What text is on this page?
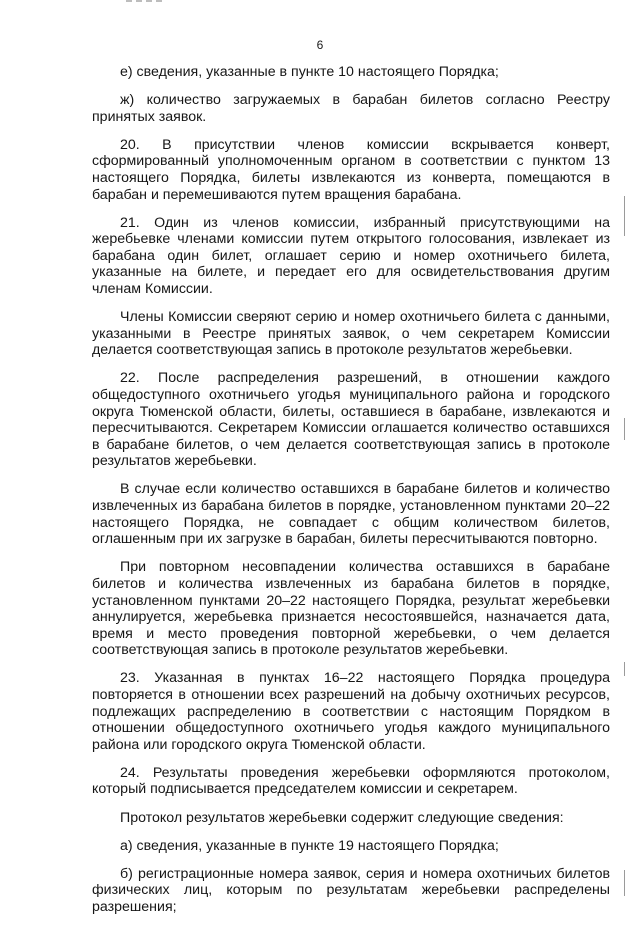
6

е) сведения, указанные в пункте 10 настоящего Порядка;

ж) количество загружаемых в барабан билетов согласно Реестру принятых заявок.

20. В присутствии членов комиссии вскрывается конверт, сформированный уполномоченным органом в соответствии с пунктом 13 настоящего Порядка, билеты извлекаются из конверта, помещаются в барабан и перемешиваются путем вращения барабана.

21. Один из членов комиссии, избранный присутствующими на жеребьевке членами комиссии путем открытого голосования, извлекает из барабана один билет, оглашает серию и номер охотничьего билета, указанные на билете, и передает его для освидетельствования другим членам Комиссии.

Члены Комиссии сверяют серию и номер охотничьего билета с данными, указанными в Реестре принятых заявок, о чем секретарем Комиссии делается соответствующая запись в протоколе результатов жеребьевки.

22. После распределения разрешений, в отношении каждого общедоступного охотничьего угодья муниципального района и городского округа Тюменской области, билеты, оставшиеся в барабане, извлекаются и пересчитываются. Секретарем Комиссии оглашается количество оставшихся в барабане билетов, о чем делается соответствующая запись в протоколе результатов жеребьевки.

В случае если количество оставшихся в барабане билетов и количество извлеченных из барабана билетов в порядке, установленном пунктами 20–22 настоящего Порядка, не совпадает с общим количеством билетов, оглашенным при их загрузке в барабан, билеты пересчитываются повторно.

При повторном несовпадении количества оставшихся в барабане билетов и количества извлеченных из барабана билетов в порядке, установленном пунктами 20–22 настоящего Порядка, результат жеребьевки аннулируется, жеребьевка признается несостоявшейся, назначается дата, время и место проведения повторной жеребьевки, о чем делается соответствующая запись в протоколе результатов жеребьевки.

23. Указанная в пунктах 16–22 настоящего Порядка процедура повторяется в отношении всех разрешений на добычу охотничьих ресурсов, подлежащих распределению в соответствии с настоящим Порядком в отношении общедоступного охотничьего угодья каждого муниципального района или городского округа Тюменской области.

24. Результаты проведения жеребьевки оформляются протоколом, который подписывается председателем комиссии и секретарем.

Протокол результатов жеребьевки содержит следующие сведения:

а) сведения, указанные в пункте 19 настоящего Порядка;

б) регистрационные номера заявок, серия и номера охотничьих билетов физических лиц, которым по результатам жеребьевки распределены разрешения;
